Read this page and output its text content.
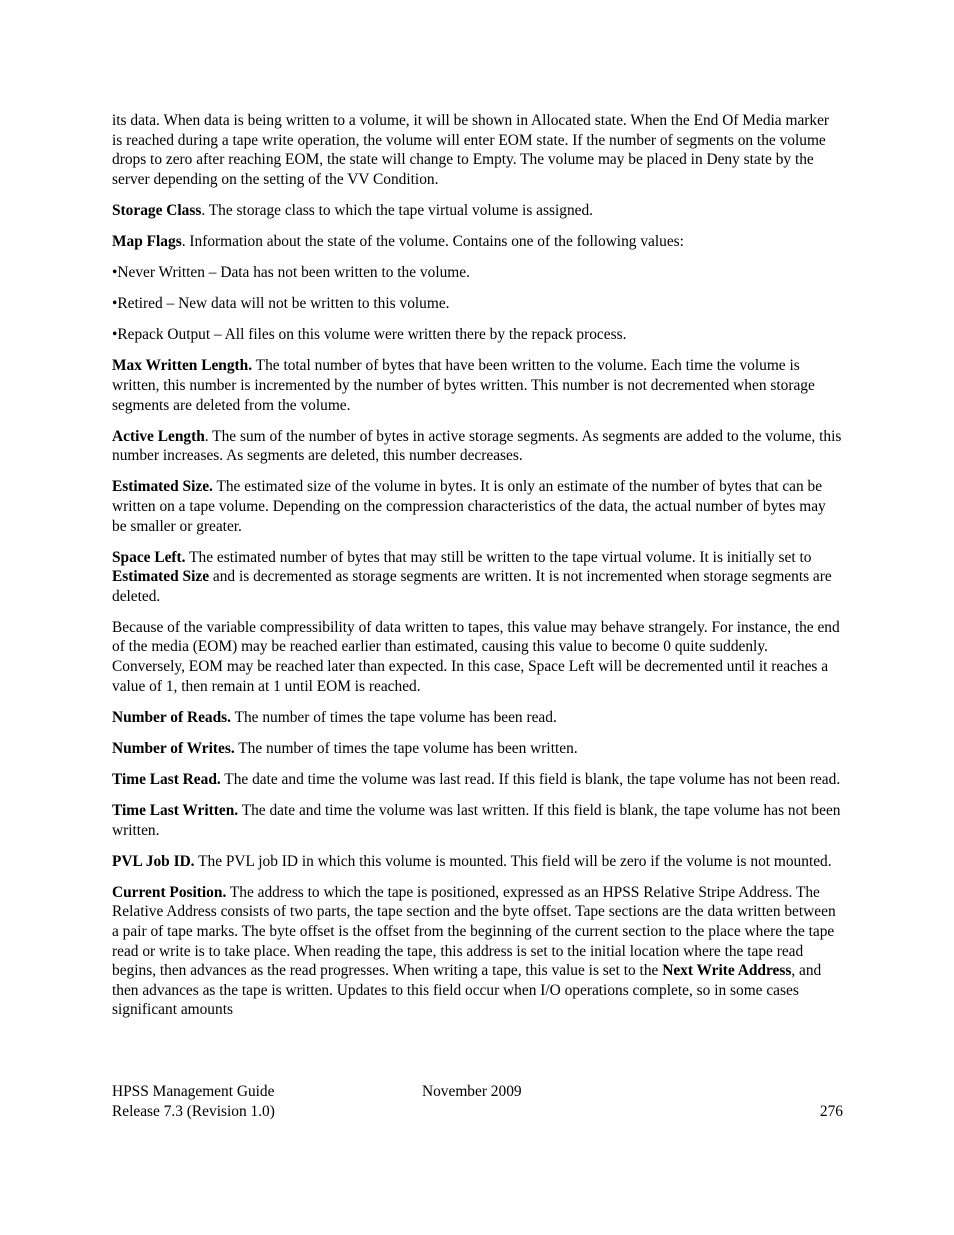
its data. When data is being written to a volume, it will be shown in Allocated state. When the End Of Media marker is reached during a tape write operation, the volume will enter EOM state. If the number of segments on the volume drops to zero after reaching EOM, the state will change to Empty. The volume may be placed in Deny state by the server depending on the setting of the VV Condition.

Storage Class. The storage class to which the tape virtual volume is assigned.

Map Flags. Information about the state of the volume. Contains one of the following values:

•Never Written – Data has not been written to the volume.

•Retired – New data will not be written to this volume.

•Repack Output – All files on this volume were written there by the repack process.

Max Written Length. The total number of bytes that have been written to the volume. Each time the volume is written, this number is incremented by the number of bytes written. This number is not decremented when storage segments are deleted from the volume.

Active Length. The sum of the number of bytes in active storage segments. As segments are added to the volume, this number increases. As segments are deleted, this number decreases.

Estimated Size. The estimated size of the volume in bytes. It is only an estimate of the number of bytes that can be written on a tape volume. Depending on the compression characteristics of the data, the actual number of bytes may be smaller or greater.

Space Left. The estimated number of bytes that may still be written to the tape virtual volume. It is initially set to Estimated Size and is decremented as storage segments are written. It is not incremented when storage segments are deleted.

Because of the variable compressibility of data written to tapes, this value may behave strangely. For instance, the end of the media (EOM) may be reached earlier than estimated, causing this value to become 0 quite suddenly. Conversely, EOM may be reached later than expected. In this case, Space Left will be decremented until it reaches a value of 1, then remain at 1 until EOM is reached.

Number of Reads. The number of times the tape volume has been read.

Number of Writes. The number of times the tape volume has been written.

Time Last Read. The date and time the volume was last read. If this field is blank, the tape volume has not been read.

Time Last Written. The date and time the volume was last written. If this field is blank, the tape volume has not been written.

PVL Job ID. The PVL job ID in which this volume is mounted. This field will be zero if the volume is not mounted.

Current Position. The address to which the tape is positioned, expressed as an HPSS Relative Stripe Address. The Relative Address consists of two parts, the tape section and the byte offset. Tape sections are the data written between a pair of tape marks. The byte offset is the offset from the beginning of the current section to the place where the tape read or write is to take place. When reading the tape, this address is set to the initial location where the tape read begins, then advances as the read progresses. When writing a tape, this value is set to the Next Write Address, and then advances as the tape is written. Updates to this field occur when I/O operations complete, so in some cases significant amounts

HPSS Management Guide	November 2009
Release 7.3 (Revision 1.0)	276
